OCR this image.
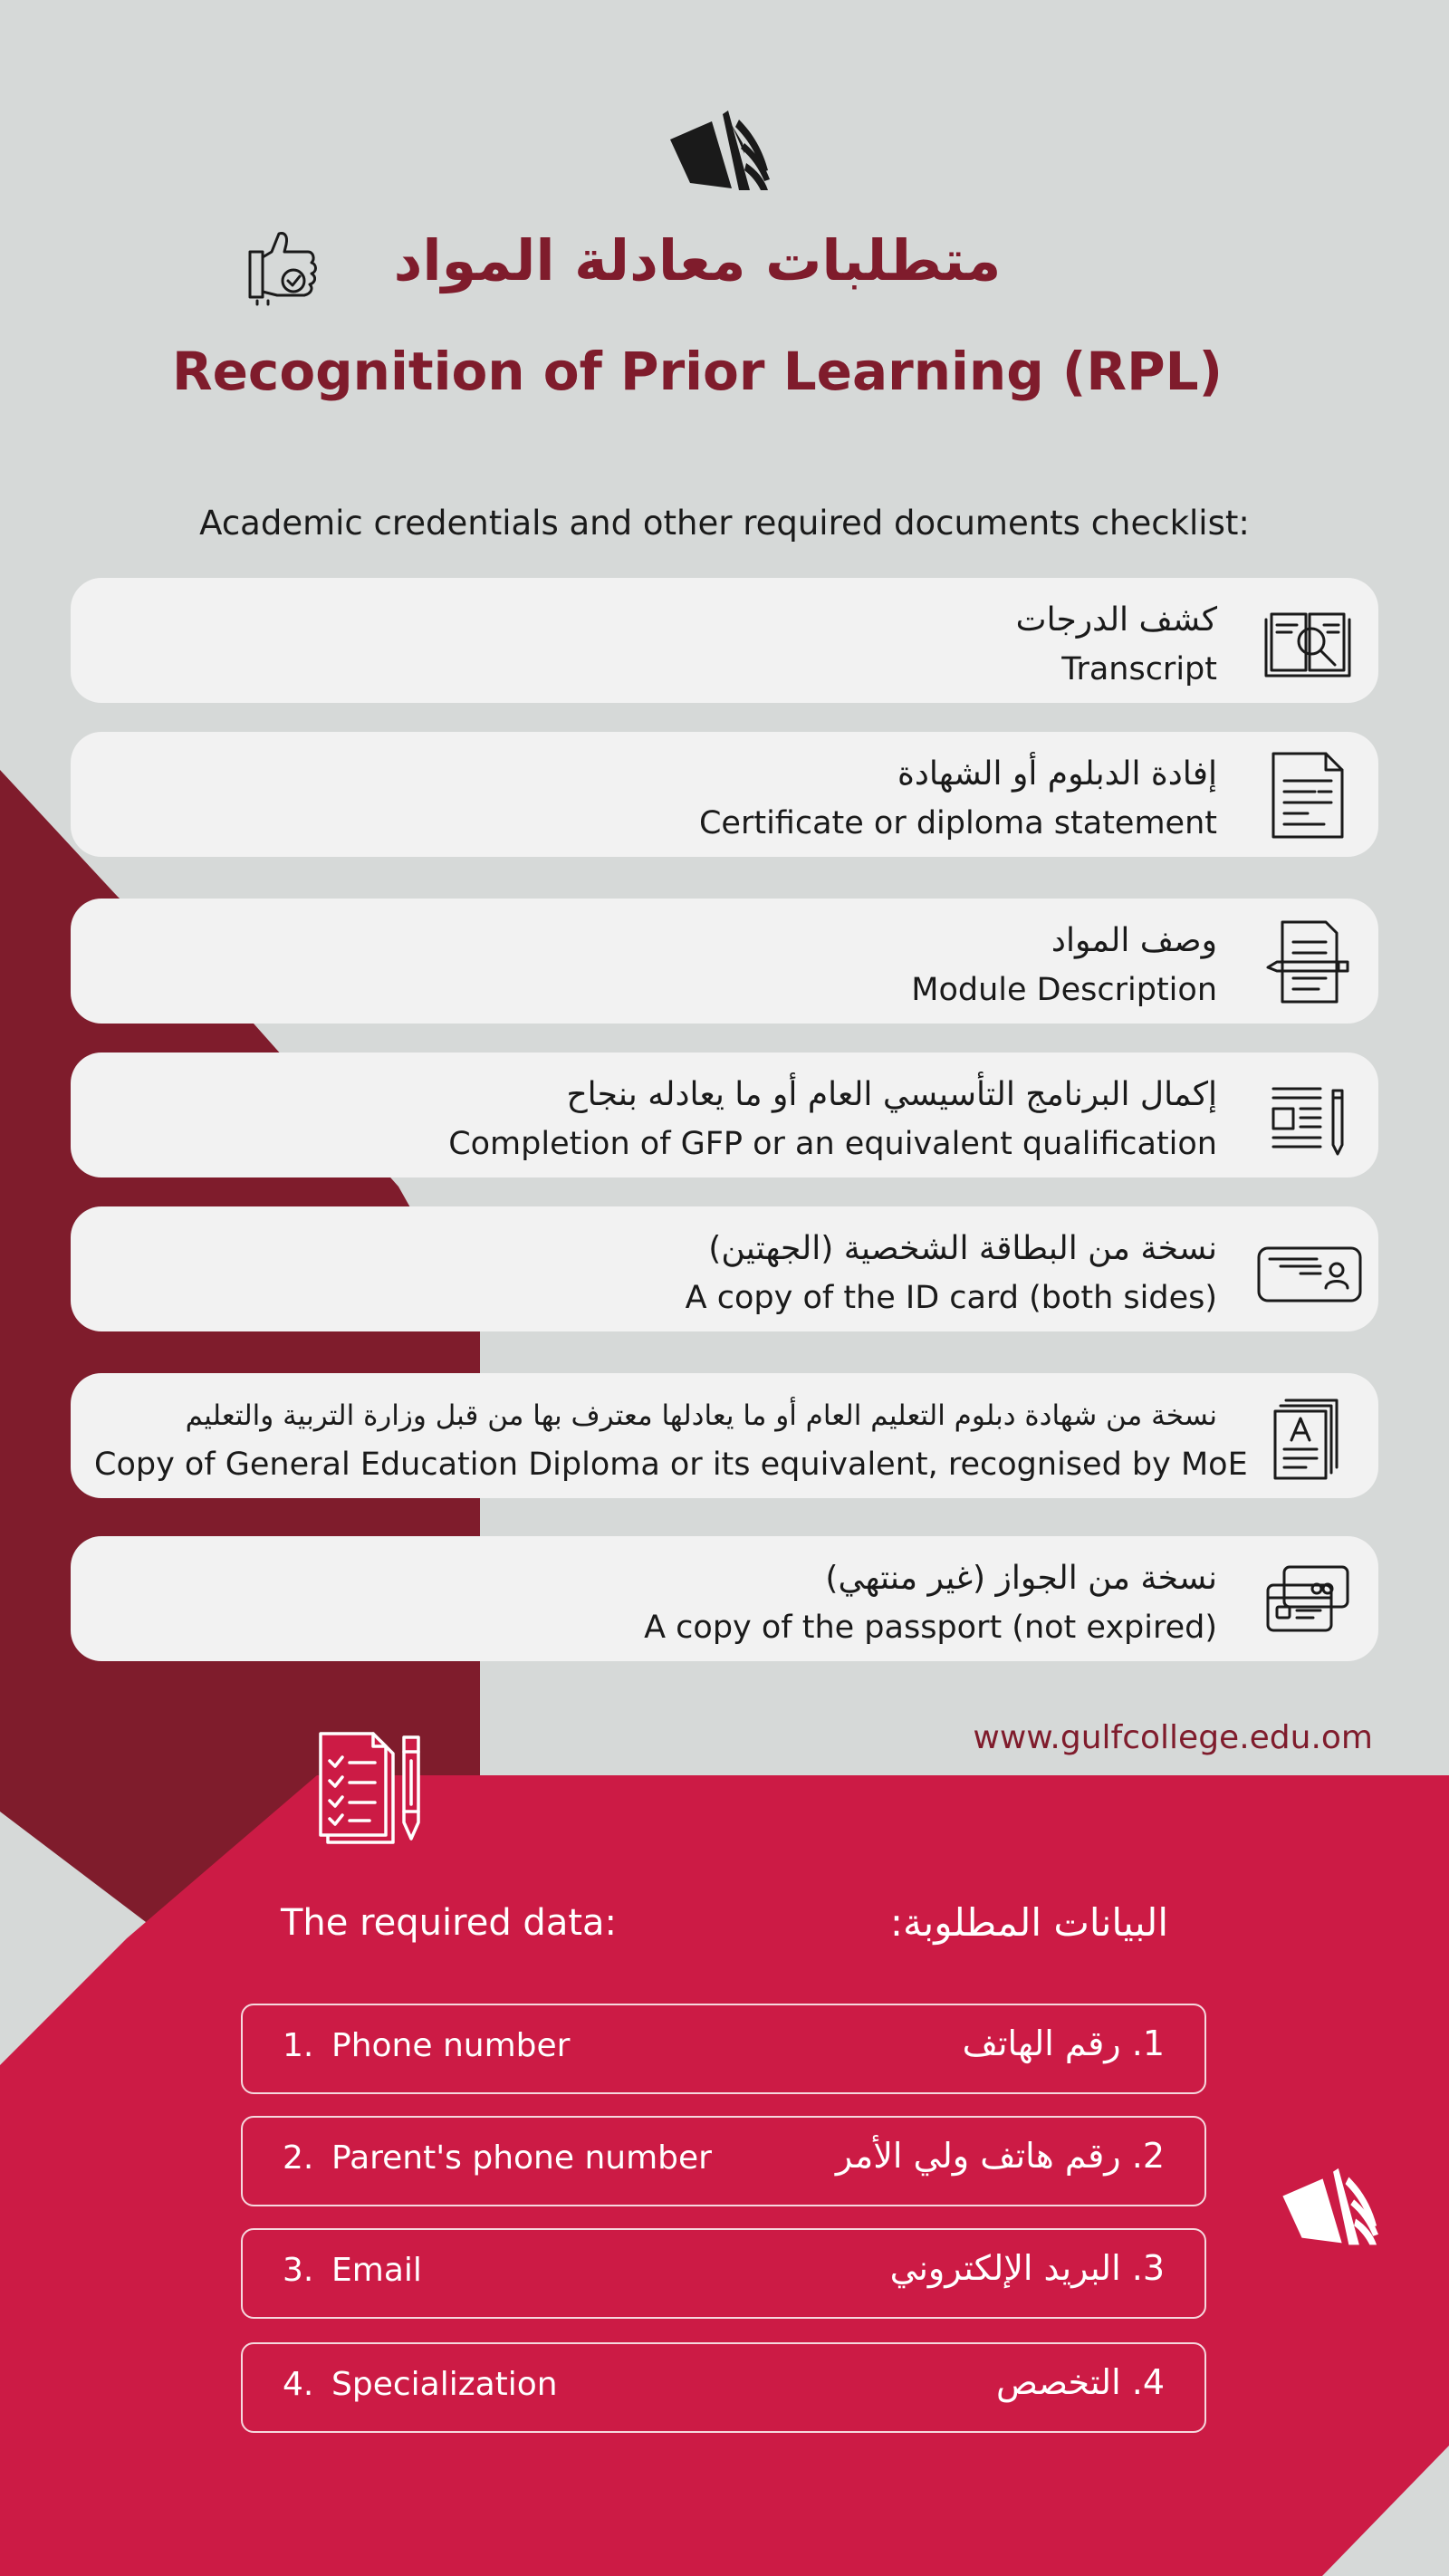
متطلبات معادلة المواد
Recognition of Prior Learning (RPL)
Academic credentials and other required documents checklist:
كشف الدرجات
Transcript
إفادة الدبلوم أو الشهادة
Certificate or diploma statement
وصف المواد
Module Description
إكمال البرنامج التأسيسي العام أو ما يعادله بنجاح
Completion of GFP or an equivalent qualification
نسخة من البطاقة الشخصية (الجهتين)
A copy of the ID card (both sides)
نسخة من شهادة دبلوم التعليم العام أو ما يعادلها معترف بها من قبل وزارة التربية والتعليم
Copy of General Education Diploma or its equivalent, recognised by MoE
نسخة من الجواز (غير منتهي)
A copy of the passport (not expired)
www.gulfcollege.edu.om
The required data:	البيانات المطلوبة:
1. Phone number	1. رقم الهاتف
2. Parent's phone number	2. رقم هاتف ولي الأمر
3. Email	3. البريد الإلكتروني
4. Specialization	4. التخصص
